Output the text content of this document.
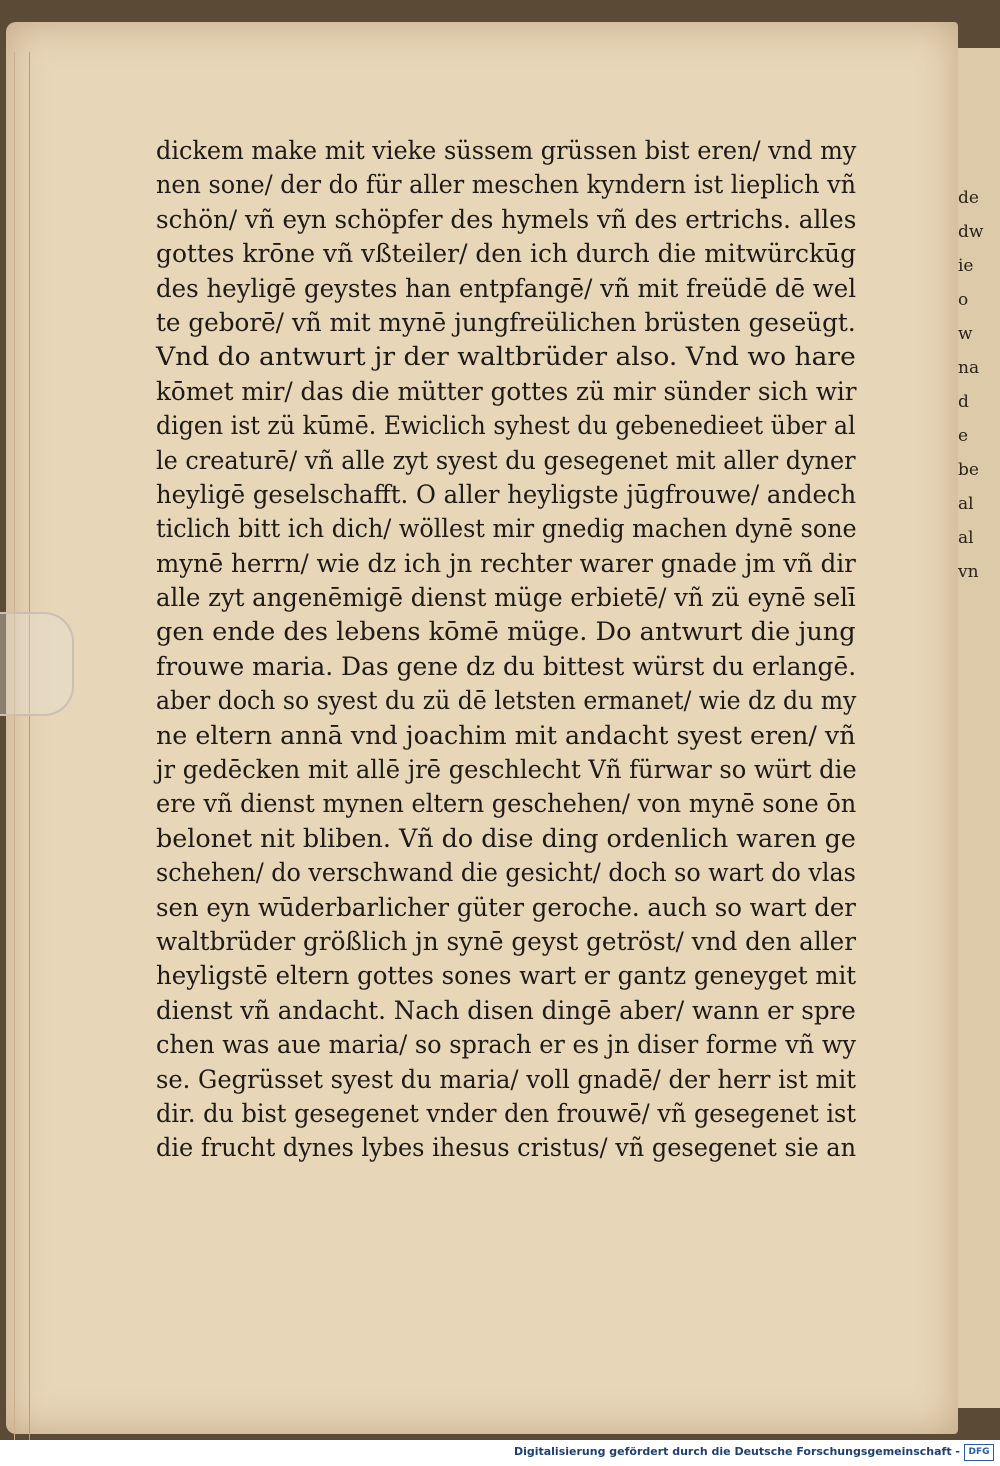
de
dw
ie
o
w
na
d
e
be
al
al
vn
dickem make mit vieke süssem grüssen bist eren/ vnd my
nen sone/ der do für aller meschen kyndern ist lieplich vñ
schön/ vñ eyn schöpfer des hymels vñ des ertrichs. alles
gottes krōne vñ vßteiler/ den ich durch die mitwürckūg
des heyligē geystes han entpfangē/ vñ mit freüdē dē wel
te geborē/ vñ mit mynē jungfreülichen brüsten geseügt.
Vnd do antwurt jr der waltbrüder also. Vnd wo hare
kōmet mir/ das die mütter gottes zü mir sünder sich wir
digen ist zü kūmē. Ewiclich syhest du gebenedieet über al
le creaturē/ vñ alle zyt syest du gesegenet mit aller dyner
heyligē geselschafft. O aller heyligste jūgfrouwe/ andech
ticlich bitt ich dich/ wöllest mir gnedig machen dynē sone
mynē herrn/ wie dz ich jn rechter warer gnade jm vñ dir
alle zyt angenēmigē dienst müge erbietē/ vñ zü eynē selī
gen ende des lebens kōmē müge. Do antwurt die jung
frouwe maria. Das gene dz du bittest würst du erlangē.
aber doch so syest du zü dē letsten ermanet/ wie dz du my
ne eltern annā vnd joachim mit andacht syest eren/ vñ
jr gedēcken mit allē jrē geschlecht Vñ fürwar so würt die
ere vñ dienst mynen eltern geschehen/ von mynē sone ōn
belonet nit bliben. Vñ do dise ding ordenlich waren ge
schehen/ do verschwand die gesicht/ doch so wart do vlas
sen eyn wūderbarlicher güter geroche. auch so wart der
waltbrüder größlich jn synē geyst getröst/ vnd den aller
heyligstē eltern gottes sones wart er gantz geneyget mit
dienst vñ andacht. Nach disen dingē aber/ wann er spre
chen was aue maria/ so sprach er es jn diser forme vñ wy
se. Gegrüsset syest du maria/ voll gnadē/ der herr ist mit
dir. du bist gesegenet vnder den frouwē/ vñ gesegenet ist
die frucht dynes lybes ihesus cristus/ vñ gesegenet sie an
Digitalisierung gefördert durch die Deutsche Forschungsgemeinschaft - DFG
